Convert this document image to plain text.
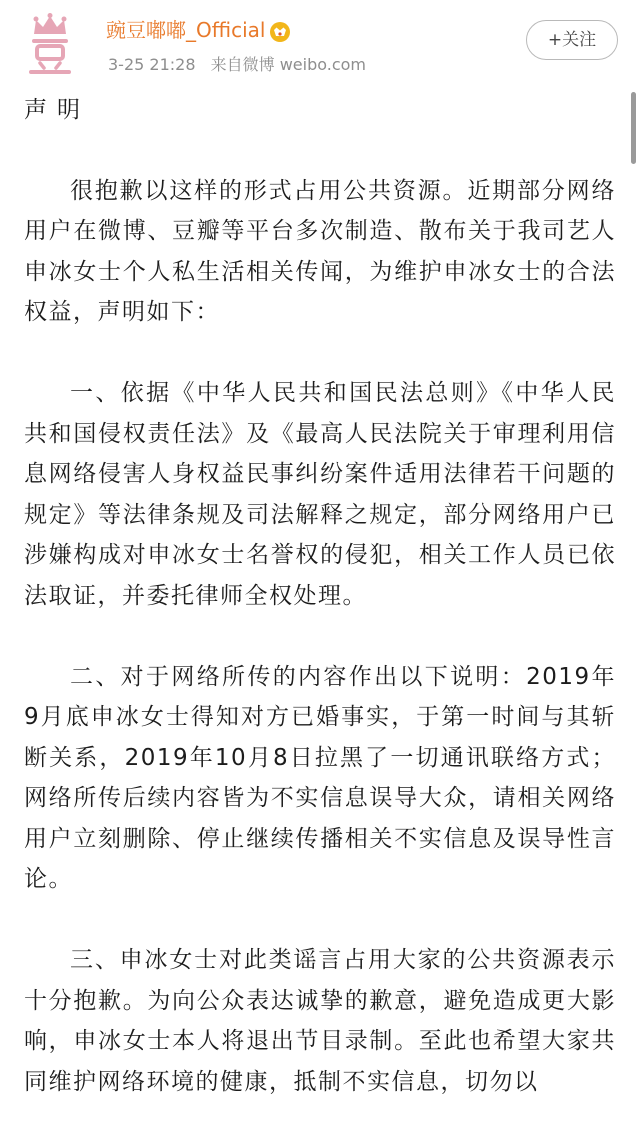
豌豆嘟嘟_Official
3-25 21:28 来自微博 weibo.com
+关注

声明

很抱歉以这样的形式占用公共资源。近期部分网络用户在微博、豆瓣等平台多次制造、散布关于我司艺人申冰女士个人私生活相关传闻，为维护申冰女士的合法权益，声明如下：

一、依据《中华人民共和国民法总则》《中华人民共和国侵权责任法》及《最高人民法院关于审理利用信息网络侵害人身权益民事纠纷案件适用法律若干问题的规定》等法律条规及司法解释之规定，部分网络用户已涉嫌构成对申冰女士名誉权的侵犯，相关工作人员已依法取证，并委托律师全权处理。

二、对于网络所传的内容作出以下说明：2019年9月底申冰女士得知对方已婚事实，于第一时间与其斩断关系，2019年10月8日拉黑了一切通讯联络方式；网络所传后续内容皆为不实信息误导大众，请相关网络用户立刻删除、停止继续传播相关不实信息及误导性言论。

三、申冰女士对此类谣言占用大家的公共资源表示十分抱歉。为向公众表达诚挚的歉意，避免造成更大影响，申冰女士本人将退出节目录制。至此也希望大家共同维护网络环境的健康，抵制不实信息，切勿以
